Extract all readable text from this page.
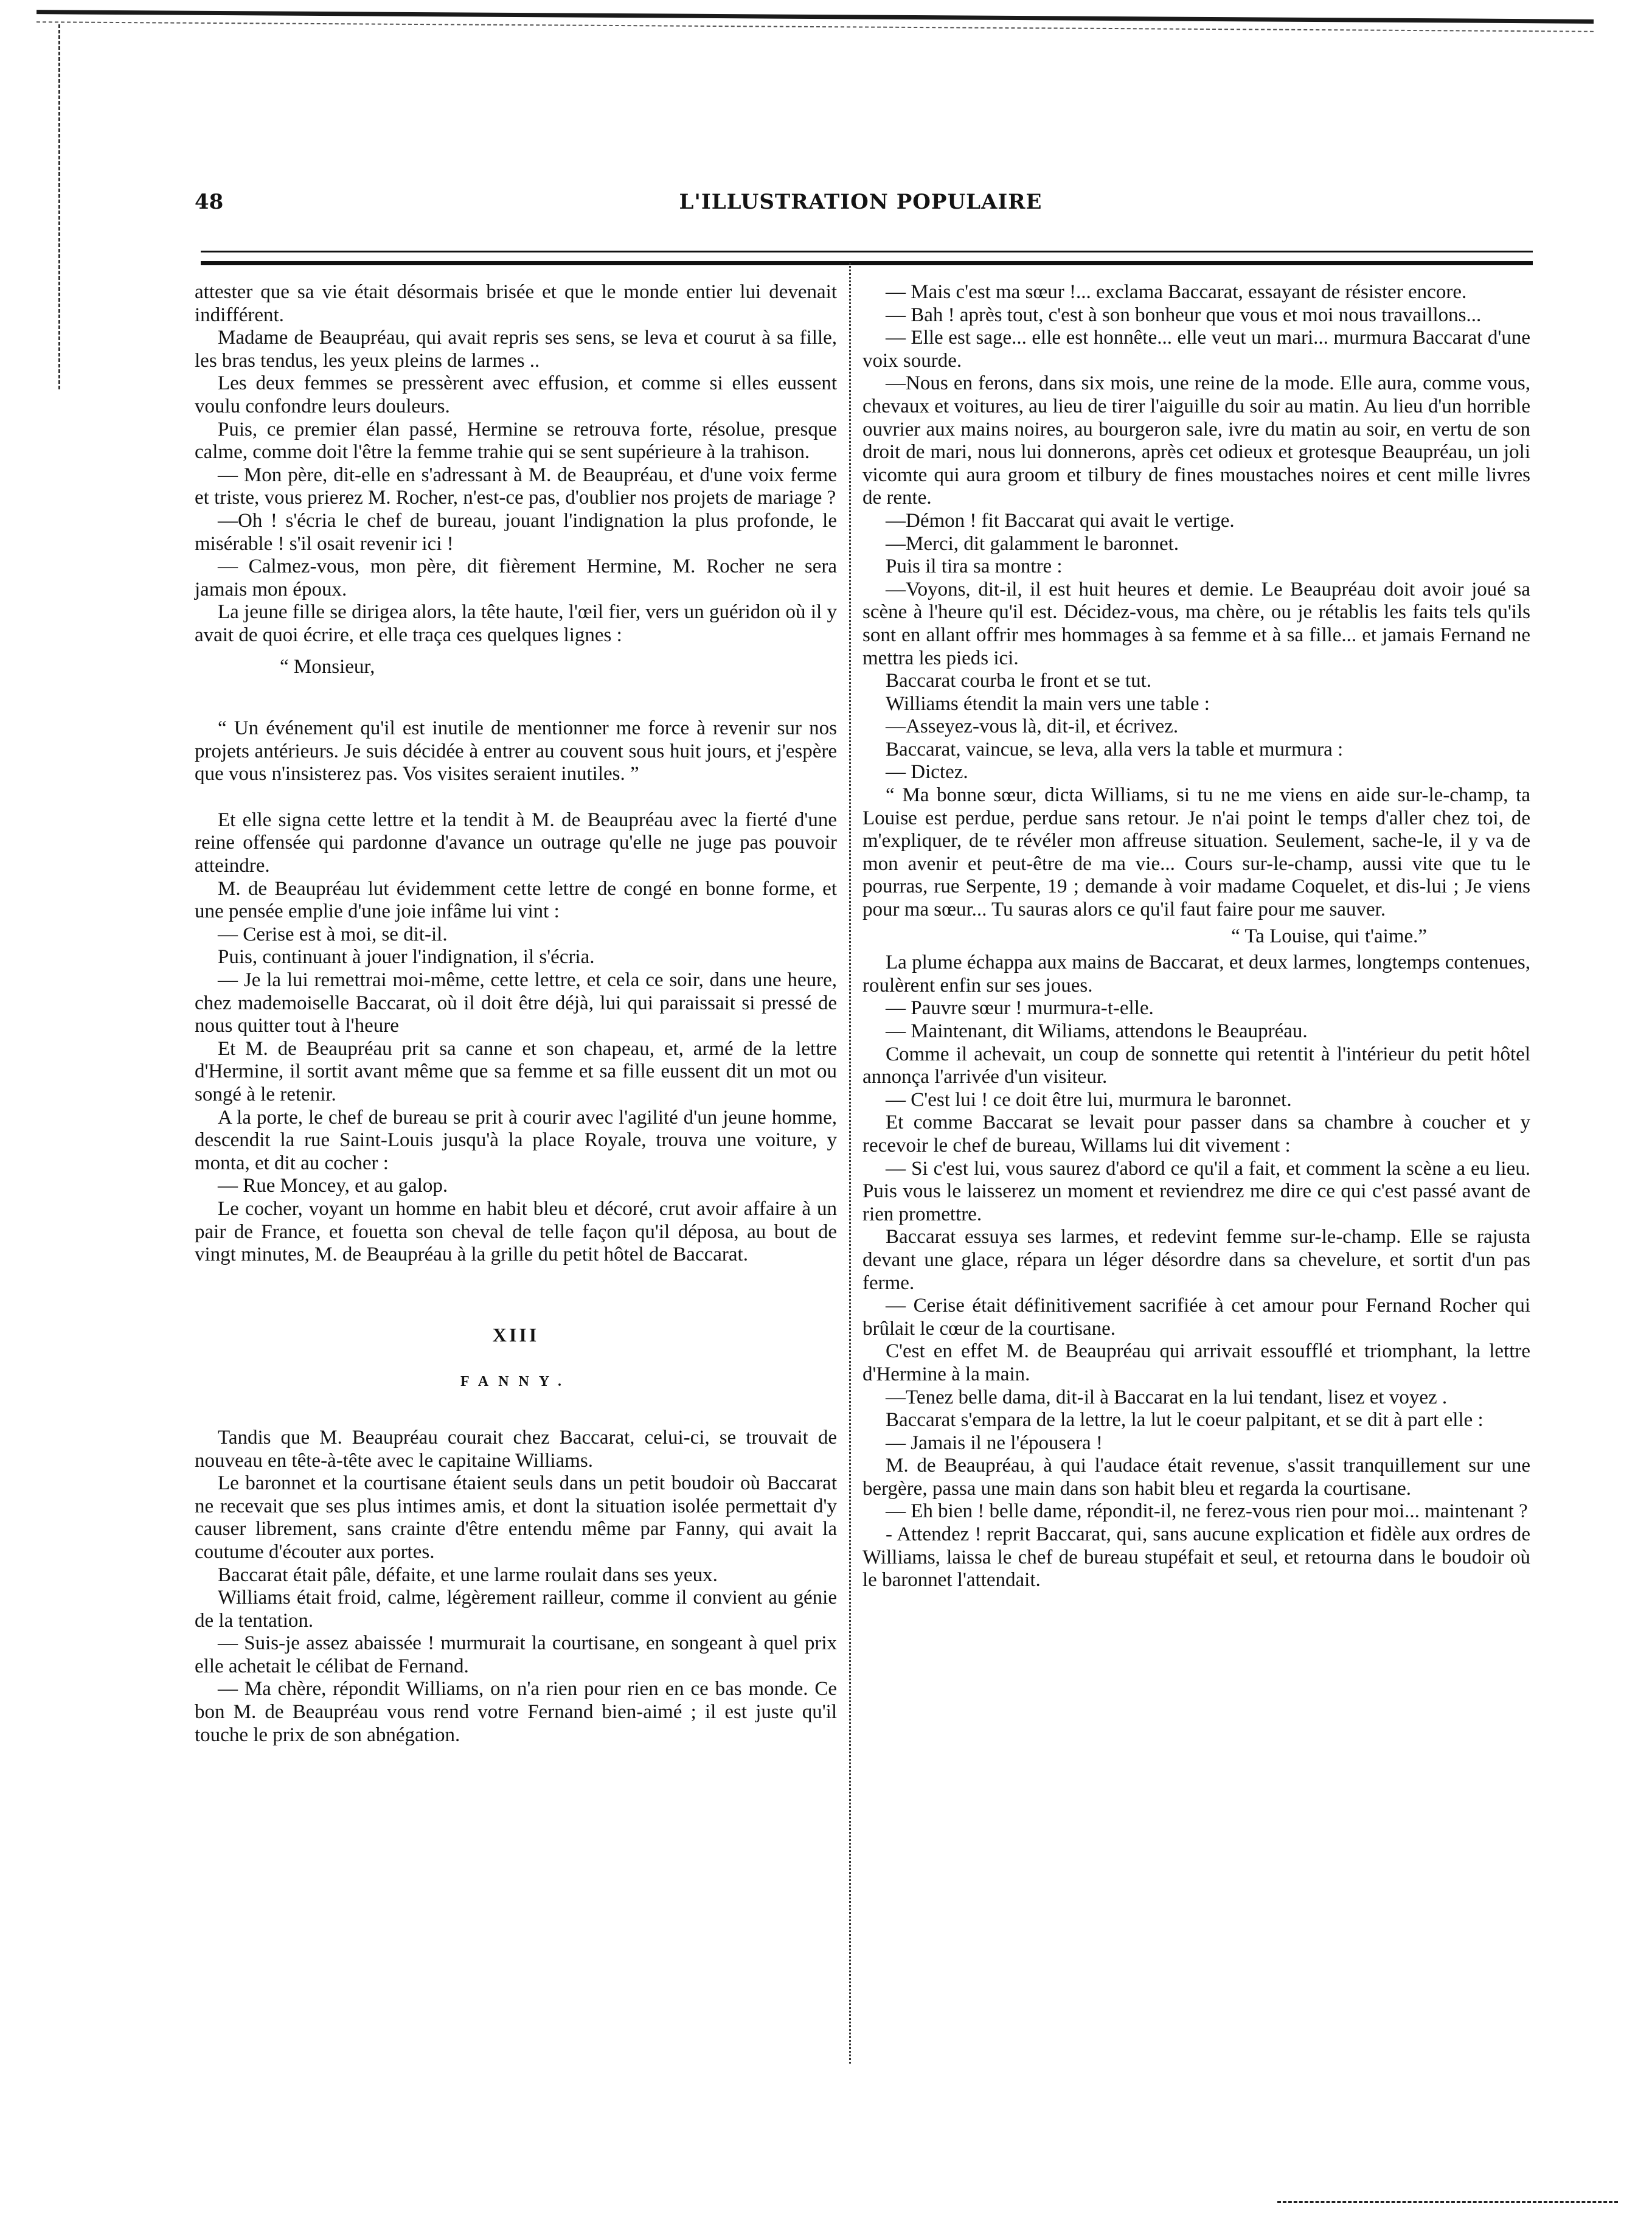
48	L'ILLUSTRATION POPULAIRE

attester que sa vie était désormais brisée et que le monde entier lui devenait indifférent.

Madame de Beaupréau, qui avait repris ses sens, se leva et courut à sa fille, les bras tendus, les yeux pleins de larmes ..

Les deux femmes se pressèrent avec effusion, et comme si elles eussent voulu confondre leurs douleurs.

Puis, ce premier élan passé, Hermine se retrouva forte, résolue, presque calme, comme doit l'être la femme trahie qui se sent supérieure à la trahison.

— Mon père, dit-elle en s'adressant à M. de Beaupréau, et d'une voix ferme et triste, vous prierez M. Rocher, n'est-ce pas, d'oublier nos projets de mariage ?

—Oh ! s'écria le chef de bureau, jouant l'indignation la plus profonde, le misérable ! s'il osait revenir ici !

— Calmez-vous, mon père, dit fièrement Hermine, M. Rocher ne sera jamais mon époux.

La jeune fille se dirigea alors, la tête haute, l'œil fier, vers un guéridon où il y avait de quoi écrire, et elle traça ces quelques lignes :

“ Monsieur,

“ Un événement qu'il est inutile de mentionner me force à revenir sur nos projets antérieurs. Je suis décidée à entrer au couvent sous huit jours, et j'espère que vous n'insisterez pas. Vos visites seraient inutiles. ”

Et elle signa cette lettre et la tendit à M. de Beaupréau avec la fierté d'une reine offensée qui pardonne d'avance un outrage qu'elle ne juge pas pouvoir atteindre.

M. de Beaupréau lut évidemment cette lettre de congé en bonne forme, et une pensée emplie d'une joie infâme lui vint :

— Cerise est à moi, se dit-il.

Puis, continuant à jouer l'indignation, il s'écria.

— Je la lui remettrai moi-même, cette lettre, et cela ce soir, dans une heure, chez mademoiselle Baccarat, où il doit être déjà, lui qui paraissait si pressé de nous quitter tout à l'heure

Et M. de Beaupréau prit sa canne et son chapeau, et, armé de la lettre d'Hermine, il sortit avant même que sa femme et sa fille eussent dit un mot ou songé à le retenir.

A la porte, le chef de bureau se prit à courir avec l'agilité d'un jeune homme, descendit la rue Saint-Louis jusqu'à la place Royale, trouva une voiture, y monta, et dit au cocher :

— Rue Moncey, et au galop.

Le cocher, voyant un homme en habit bleu et décoré, crut avoir affaire à un pair de France, et fouetta son cheval de telle façon qu'il déposa, au bout de vingt minutes, M. de Beaupréau à la grille du petit hôtel de Baccarat.

XIII
FANNY.

Tandis que M. Beaupréau courait chez Baccarat, celui-ci, se trouvait de nouveau en tête-à-tête avec le capitaine Williams.

Le baronnet et la courtisane étaient seuls dans un petit boudoir où Baccarat ne recevait que ses plus intimes amis, et dont la situation isolée permettait d'y causer librement, sans crainte d'être entendu même par Fanny, qui avait la coutume d'écouter aux portes.

Baccarat était pâle, défaite, et une larme roulait dans ses yeux.

Williams était froid, calme, légèrement railleur, comme il convient au génie de la tentation.

— Suis-je assez abaissée ! murmurait la courtisane, en songeant à quel prix elle achetait le célibat de Fernand.

— Ma chère, répondit Williams, on n'a rien pour rien en ce bas monde. Ce bon M. de Beaupréau vous rend votre Fernand bien-aimé ; il est juste qu'il touche le prix de son abnégation.

— Mais c'est ma sœur !... exclama Baccarat, essayant de résister encore.

— Bah ! après tout, c'est à son bonheur que vous et moi nous travaillons...

— Elle est sage... elle est honnête... elle veut un mari... murmura Baccarat d'une voix sourde.

—Nous en ferons, dans six mois, une reine de la mode. Elle aura, comme vous, chevaux et voitures, au lieu de tirer l'aiguille du soir au matin. Au lieu d'un horrible ouvrier aux mains noires, au bourgeron sale, ivre du matin au soir, en vertu de son droit de mari, nous lui donnerons, après cet odieux et grotesque Beaupréau, un joli vicomte qui aura groom et tilbury de fines moustaches noires et cent mille livres de rente.

—Démon ! fit Baccarat qui avait le vertige.

—Merci, dit galamment le baronnet.

Puis il tira sa montre :

—Voyons, dit-il, il est huit heures et demie. Le Beaupréau doit avoir joué sa scène à l'heure qu'il est. Décidez-vous, ma chère, ou je rétablis les faits tels qu'ils sont en allant offrir mes hommages à sa femme et à sa fille... et jamais Fernand ne mettra les pieds ici.

Baccarat courba le front et se tut.

Williams étendit la main vers une table :

—Asseyez-vous là, dit-il, et écrivez.

Baccarat, vaincue, se leva, alla vers la table et murmura :

— Dictez.

“ Ma bonne sœur, dicta Williams, si tu ne me viens en aide sur-le-champ, ta Louise est perdue, perdue sans retour. Je n'ai point le temps d'aller chez toi, de m'expliquer, de te révéler mon affreuse situation. Seulement, sache-le, il y va de mon avenir et peut-être de ma vie... Cours sur-le-champ, aussi vite que tu le pourras, rue Serpente, 19 ; demande à voir madame Coquelet, et dis-lui ; Je viens pour ma sœur... Tu sauras alors ce qu'il faut faire pour me sauver.

“ Ta Louise, qui t'aime.”

La plume échappa aux mains de Baccarat, et deux larmes, longtemps contenues, roulèrent enfin sur ses joues.

— Pauvre sœur ! murmura-t-elle.

— Maintenant, dit Wiliams, attendons le Beaupréau.

Comme il achevait, un coup de sonnette qui retentit à l'intérieur du petit hôtel annonça l'arrivée d'un visiteur.

— C'est lui ! ce doit être lui, murmura le baronnet.

Et comme Baccarat se levait pour passer dans sa chambre à coucher et y recevoir le chef de bureau, Willams lui dit vivement :

— Si c'est lui, vous saurez d'abord ce qu'il a fait, et comment la scène a eu lieu. Puis vous le laisserez un moment et reviendrez me dire ce qui c'est passé avant de rien promettre.

Baccarat essuya ses larmes, et redevint femme sur-le-champ. Elle se rajusta devant une glace, répara un léger désordre dans sa chevelure, et sortit d'un pas ferme.

— Cerise était définitivement sacrifiée à cet amour pour Fernand Rocher qui brûlait le cœur de la courtisane.

C'est en effet M. de Beaupréau qui arrivait essoufflé et triomphant, la lettre d'Hermine à la main.

—Tenez belle dama, dit-il à Baccarat en la lui tendant, lisez et voyez .

Baccarat s'empara de la lettre, la lut le coeur palpitant, et se dit à part elle :

— Jamais il ne l'épousera !

M. de Beaupréau, à qui l'audace était revenue, s'assit tranquillement sur une bergère, passa une main dans son habit bleu et regarda la courtisane.

— Eh bien ! belle dame, répondit-il, ne ferez-vous rien pour moi... maintenant ?

- Attendez ! reprit Baccarat, qui, sans aucune explication et fidèle aux ordres de Williams, laissa le chef de bureau stupéfait et seul, et retourna dans le boudoir où le baronnet l'attendait.
